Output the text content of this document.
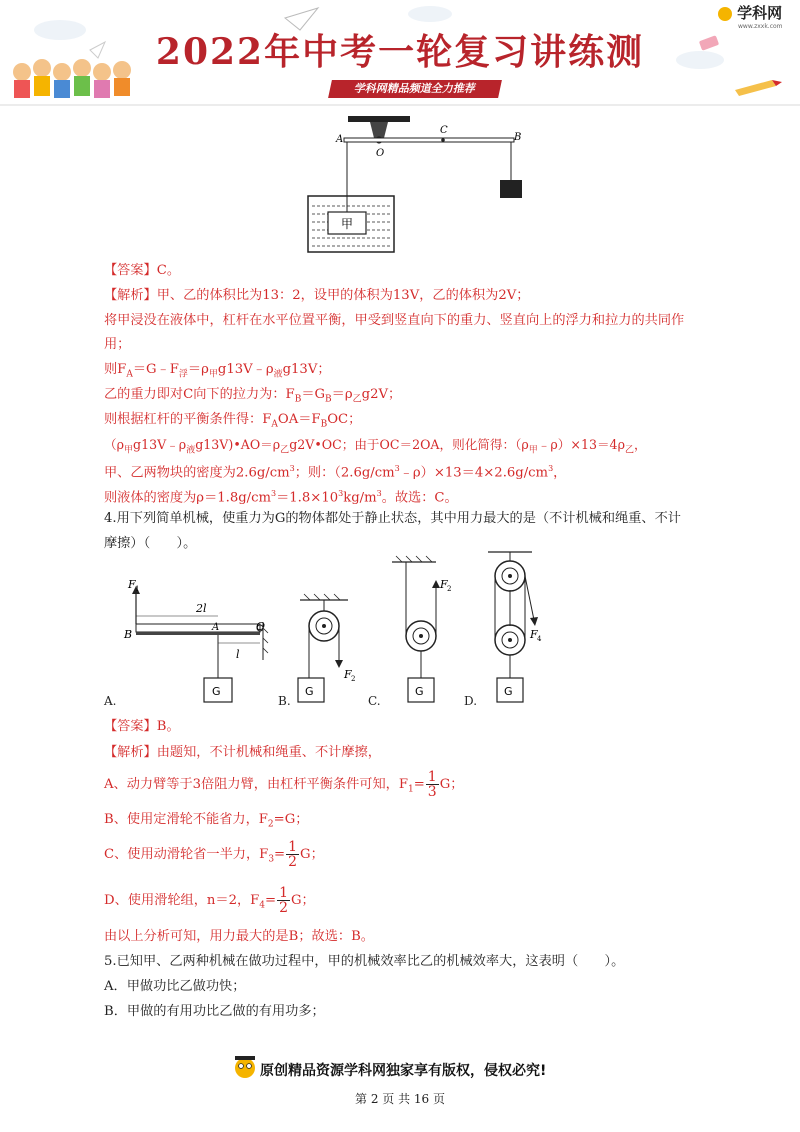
2022年中考一轮复习讲练测
学科网精品频道全力推荐
学科网
www.zxxk.com
甲
A
O
C
B
【答案】C。
【解析】甲、乙的体积比为13：2，设甲的体积为13V，乙的体积为2V；
将甲浸没在液体中，杠杆在水平位置平衡，甲受到竖直向下的重力、竖直向上的浮力和拉力的共同作
用；
则$F_A=G﹣F_浮=\rho_甲g13V﹣\rho_液g13V$；
乙的重力即对C向下的拉力为：$F_B=G_B=\rho_乙g2V$；
则根据杠杆的平衡条件得：$F_AOA=F_BOC$；
$(\rho_甲g13V﹣\rho_液g13V)•AO=\rho_乙g2V•OC$；由于OC＝2OA，则化简得：$(\rho_甲﹣\rho)\times 13=4\rho_乙$，
甲、乙两物块的密度为$2.6g/cm^3$；则：$(2.6g/cm^3﹣\rho)\times 13=4\times 2.6g/cm^3$，
则液体的密度为$\rho=1.8g/cm^3=1.8\times 10^3kg/m^3$。故选：C。
4.用下列简单机械，使重力为G的物体都处于静止状态，其中用力最大的是（不计机械和绳重、不计
摩擦）（　　）。
F 1
2l
A
B
O
l
G
F 2
G
F 2
G
F 4
G
A.	B.	C.	D.
【答案】B。
【解析】由题知，不计机械和绳重、不计摩擦，
A、动力臂等于3倍阻力臂，由杠杆平衡条件可知，$F_1= \frac{1}{3}$ G；
B、使用定滑轮不能省力，$F_2=G$；
C、使用动滑轮省一半力，$F_3= \frac{1}{2}$ G；
D、使用滑轮组，n＝2，$F_4= \frac{1}{2}$ G；
由以上分析可知，用力最大的是B；故选：B。
5.已知甲、乙两种机械在做功过程中，甲的机械效率比乙的机械效率大，这表明（　　）。
A．甲做功比乙做功快；
B．甲做的有用功比乙做的有用功多；
原创精品资源学科网独家享有版权，侵权必究!
第 2 页 共 16 页
